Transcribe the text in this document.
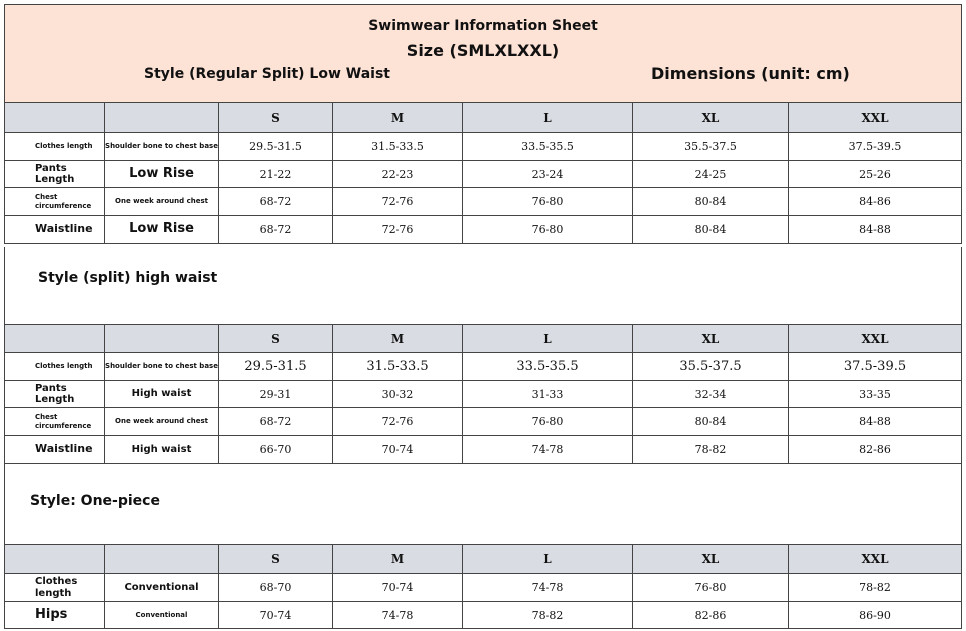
Swimwear Information Sheet
Size (SMLXLXXL)
Style (Regular Split) Low Waist	Dimensions (unit: cm)
		S	M	L	XL	XXL
Clothes length	Shoulder bone to chest base	29.5-31.5	31.5-33.5	33.5-35.5	35.5-37.5	37.5-39.5
Pants Length	Low Rise	21-22	22-23	23-24	24-25	25-26
Chest circumference	One week around chest	68-72	72-76	76-80	80-84	84-86
Waistline	Low Rise	68-72	72-76	76-80	80-84	84-88
Style (split) high waist
		S	M	L	XL	XXL
Clothes length	Shoulder bone to chest base	29.5-31.5	31.5-33.5	33.5-35.5	35.5-37.5	37.5-39.5
Pants Length	High waist	29-31	30-32	31-33	32-34	33-35
Chest circumference	One week around chest	68-72	72-76	76-80	80-84	84-88
Waistline	High waist	66-70	70-74	74-78	78-82	82-86
Style: One-piece
		S	M	L	XL	XXL
Clothes length	Conventional	68-70	70-74	74-78	76-80	78-82
Hips	Conventional	70-74	74-78	78-82	82-86	86-90
